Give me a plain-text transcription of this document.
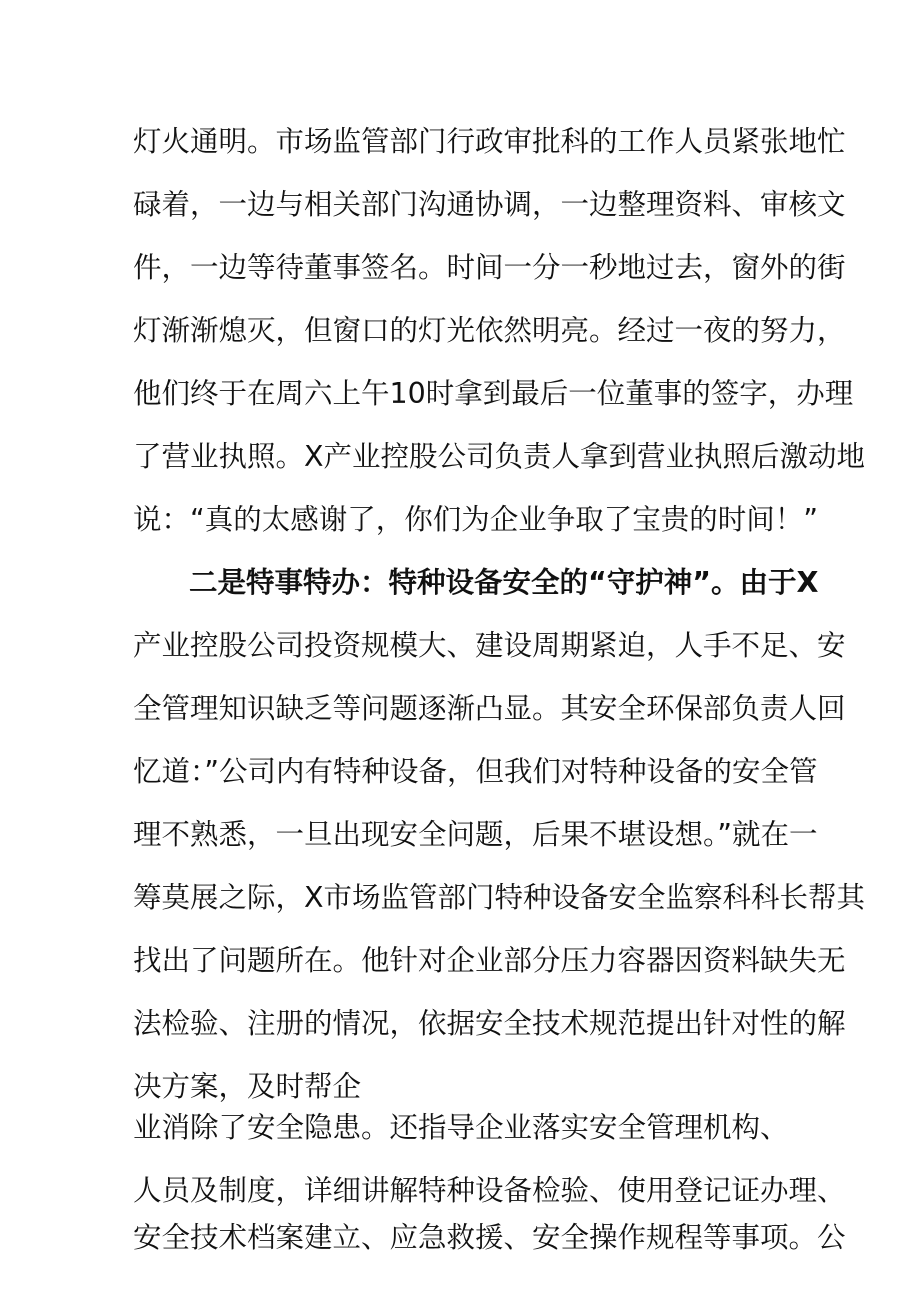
灯火通明。市场监管部门行政审批科的工作人员紧张地忙
碌着，一边与相关部门沟通协调，一边整理资料、审核文
件，一边等待董事签名。时间一分一秒地过去，窗外的街
灯渐渐熄灭，但窗口的灯光依然明亮。经过一夜的努力，
他们终于在周六上午10时拿到最后一位董事的签字，办理
了营业执照。X产业控股公司负责人拿到营业执照后激动地
说：“真的太感谢了，你们为企业争取了宝贵的时间！”
二是特事特办：特种设备安全的“守护神”。由于X
产业控股公司投资规模大、建设周期紧迫，人手不足、安
全管理知识缺乏等问题逐渐凸显。其安全环保部负责人回
忆道：”公司内有特种设备，但我们对特种设备的安全管
理不熟悉，一旦出现安全问题，后果不堪设想。”就在一
筹莫展之际，X市场监管部门特种设备安全监察科科长帮其
找出了问题所在。他针对企业部分压力容器因资料缺失无
法检验、注册的情况，依据安全技术规范提出针对性的解
决方案，及时帮企
业消除了安全隐患。还指导企业落实安全管理机构、
人员及制度，详细讲解特种设备检验、使用登记证办理、
安全技术档案建立、应急救援、安全操作规程等事项。公
